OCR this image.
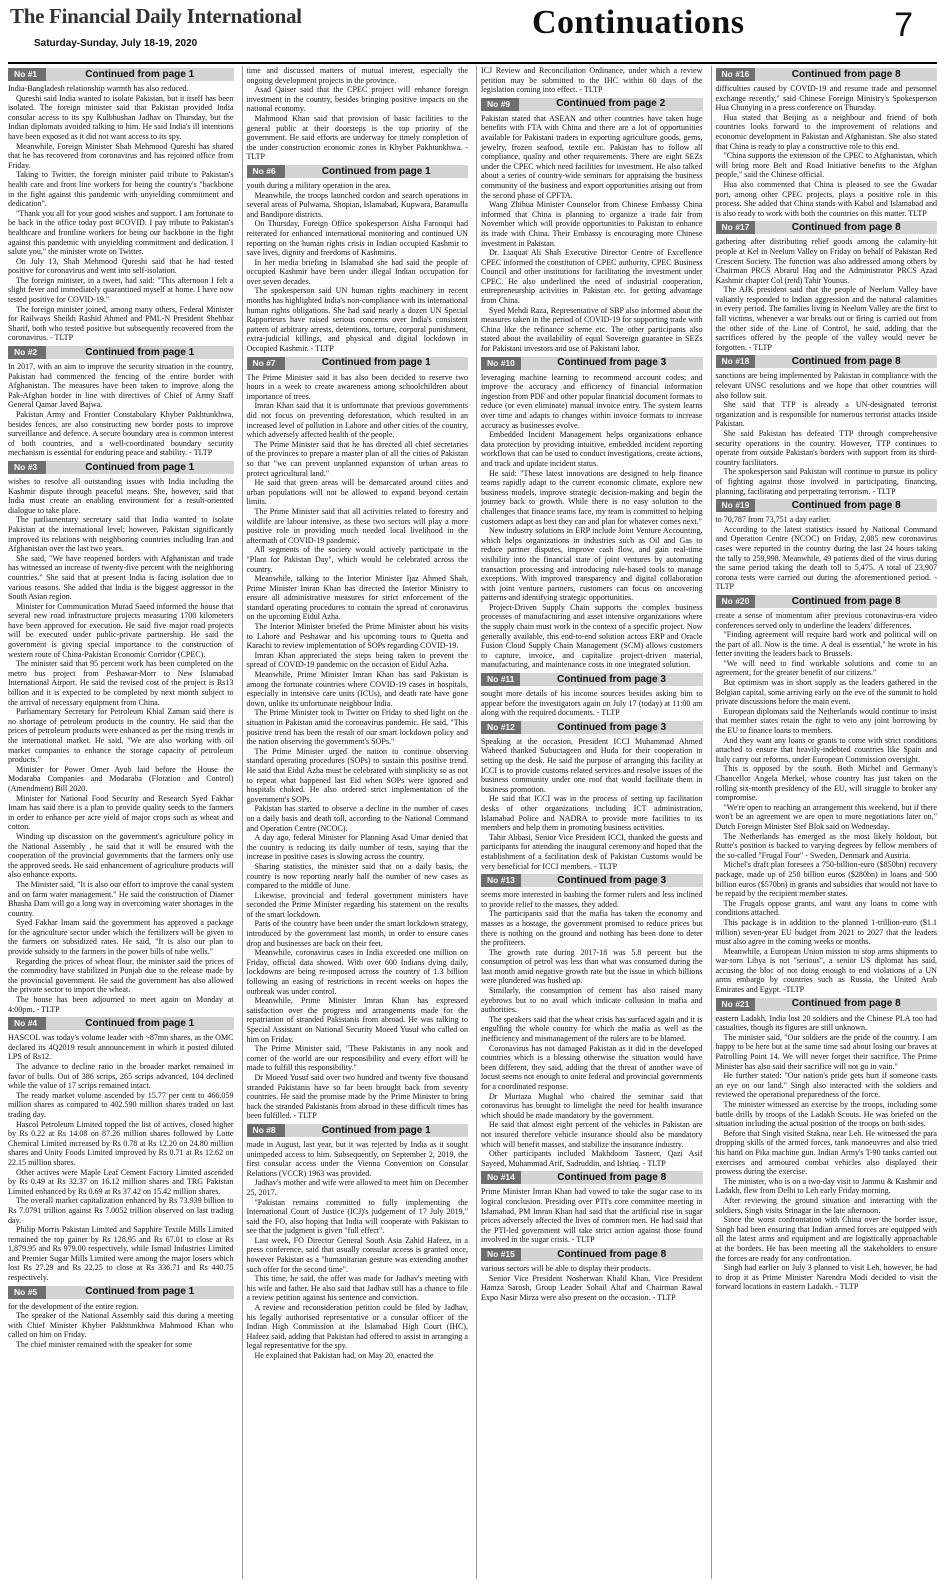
The Financial Daily International
Saturday-Sunday, July 18-19, 2020
Continuations	7
No #1	Continued from page 1

India-Bangladesh relationship warmth has also reduced.

Qureshi said India wanted to isolate Pakistan, but it itself has been isolated. The foreign minister said that Pakistan provided India consular access to its spy Kulbhushan Jadhav on Thursday, but the Indian diplomats avoided talking to him. He said India's ill intentions have been exposed as it did not want access to its spy.

Meanwhile, Foreign Minister Shah Mehmood Qureshi has shared that he has recovered from coronavirus and has rejoined office from Friday.

Taking to Twitter, the foreign minister paid tribute to Pakistan's health care and front line workers for being the country's "backbone in the fight against this pandemic with unyielding commitment and dedication".

"Thank you all for your good wishes and support. I am fortunate to be back in the office today post #COVID. I pay tribute to Pakistan's healthcare and frontline workers for being our backbone in the fight against this pandemic with unyielding commitment and dedication. I salute you," the minister wrote on Twitter.

On July 13, Shah Mehmood Qureshi said that he had tested positive for coronavirus and went into self-isolation.

The foreign minister, in a tweet, had said: "This afternoon I felt a slight fever and immediately quarantined myself at home. I have now tested positive for COVID-19."

The foreign minister joined, among many others, Federal Minister for Railways Sheikh Rashid Ahmed and PML-N President Shehbaz Sharif, both who tested positive but subsequently recovered from the coronavirus. - TLTP

No #2	Continued from page 1

In 2017, with an aim to improve the security situation in the country, Pakistan had commenced the fencing of the entire border with Afghanistan. The measures have been taken to improve along the Pak-Afghan border in line with directives of Chief of Army Staff General Qamar Javed Bajwa.

Pakistan Army and Frontier Constabulary Khyber Pakhtunkhwa, besides fences, are also constructing new border posts to improve surveillance and defence. A secure boundary area is common interest of both countries, and a well-coordinated boundary security mechanism is essential for enduring peace and stability. - TLTP

No #3	Continued from page 1

wishes to resolve all outstanding issues with India including the Kashmir dispute through peaceful means. She, however, said that India must create an enabling environment for a result-oriented dialogue to take place.

The parliamentary secretary said that India wanted to isolate Pakistan at the international level; however, Pakistan significantly improved its relations with neighboring countries including Iran and Afghanistan over the last two years.

She said, "We have reopened borders with Afghanistan and trade has witnessed an increase of twenty-five percent with the neighboring countries." She said that at present India is facing isolation due to various reasons. She added that India is the biggest aggressor in the South Asian region.

Minister for Communication Murad Saeed informed the house that several new road infrastructure projects measuring 1700 kilometers have been approved for execution. He said five major road projects will be executed under public-private partnership. He said the government is giving special importance to the construction of western route of China-Pakistan Economic Corridor (CPEC).

The minister said that 95 percent work has been completed on the metro bus project from Peshawar-Morr to New Islamabad International Airport. He said the revised cost of the project is Rs13 billion and it is expected to be completed by next month subject to the arrival of necessary equipment from China.

Parliamentary Secretary for Petroleum Khial Zaman said there is no shortage of petroleum products in the country. He said that the prices of petroleum products were enhanced as per the rising trends in the international market. He said, "We are also working with oil market companies to enhance the storage capacity of petroleum products."

Minister for Power Omer Ayub laid before the House the Modaraba Companies and Modaraba (Flotation and Control) (Amendment) Bill 2020.

Minister for National Food Security and Research Syed Fakhar Imam has said there is a plan to provide quality seeds to the farmers in order to enhance per acre yield of major crops such as wheat and cotton.

Winding up discussion on the government's agriculture policy in the National Assembly , he said that it will be ensured with the cooperation of the provincial governments that the farmers only use the approved seeds. He said enhancement of agriculture products will also enhance exports.

The Minister said, "It is also our effort to improve the canal system and on farm water management." He said the construction of Diamer Bhasha Dam will go a long way in overcoming water shortages in the country.

Syed Fakhar Imam said the government has approved a package for the agriculture sector under which the fertilizers will be given to the farmers on subsidized rates. He said, "It is also our plan to provide subsidy to the farmers in the power bills of tube wells."

Regarding the prices of wheat flour, the minister said the prices of the commodity have stabilized in Punjab due to the release made by the provincial government. He said the government has also allowed the private sector to import the wheat.

The house has been adjourned to meet again on Monday at 4:00pm. - TLTP

No #4	Continued from page 1

HASCOL was today's volume leader with ~87mn shares, as the OMC declared its 4Q2019 result announcement in which it posted diluted LPS of Rs12.

The advance to decline ratio in the broader market remained in favor of bulls. Out of 386 scrips, 265 scrips advanced, 104 declined while the value of 17 scrips remained intact.

The ready market volume ascended by 15.77 per cent to 466.059 million shares as compared to 402.590 million shares traded on last trading day.

Hascol Petroleum Limited topped the list of actives, closed higher by Rs 0.22 at Rs 14.08 on 87.26 million shares followed by Lotte Chemical Limited increased by Rs 0.78 at Rs 12.20 on 24.80 million shares and Unity Foods Limited improved by Rs 0.71 at Rs 12.62 on 22.15 million shares.

Other actives were Maple Leaf Cement Factory Limited ascended by Rs 0.49 at Rs 32.37 on 16.12 million shares and TRG Pakistan Limited enhanced by Rs 0.69 at Rs 37.42 on 15.42 million shares.

The overall market capitalization enhanced by Rs 73.939 billion to Rs 7.0791 trillion against Rs 7.0052 trillion observed on last trading day.

Philip Morris Pakistan Limited and Sapphire Textile Mills Limited remained the top gainer by Rs 128.95 and Rs 67.01 to close at Rs 1,879.95 and Rs 979.00 respectively, while Ismail Industries Limited and Premier Sugar Mills Limited were among the major losers which lost Rs 27.29 and Rs 22.25 to close at Rs 336.71 and Rs 440.75 respectively.

No #5	Continued from page 1

for the development of the entire region.

The speaker of the National Assembly said this during a meeting with Chief Minister Khyber Pakhtunkhwa Mahmood Khan who called on him on Friday.

The chief minister remained with the speaker for some

time and discussed matters of mutual interest, especially the ongoing development projects in the province.

Asad Qaiser said that the CPEC project will enhance foreign investment in the country, besides bringing positive impacts on the national economy.

Mahmood Khan said that provision of basic facilities to the general public at their doorsteps is the top priority of the government. He said efforts are underway for timely completion of the under construction economic zones in Khyber Pakhtunkhwa. - TLTP

No #6	Continued from page 1

youth during a military operation in the area.

Meanwhile, the troops launched cordon and search operations in several areas of Pulwama, Shopian, Islamabad, Kupwara, Baramulla and Bandipore districts.

On Thursday, Foreign Office spokesperson Aisha Farooqui had reiterated for enhanced international monitoring and continued UN reporting on the human rights crisis in Indian occupied Kashmir to save lives, dignity and freedoms of Kashmiris.

In her media briefing in Islamabad she had said the people of occupied Kashmir have been under illegal Indian occupation for over seven decades.

The spokesperson said UN human rights machinery in recent months has highlighted India's non-compliance with its international human rights obligations. She had said nearly a dozen UN Special Rapporteurs have raised serious concerns over India's consistent pattern of arbitrary arrests, detentions, torture, corporal punishment, extra-judicial killings, and physical and digital lockdown in Occupied Kashmir. - TLTP

No #7	Continued from page 1

The Prime Minister said it has also been decided to reserve two hours in a week to create awareness among schoolchildren about importance of trees.

Imran Khan said that it is unfortunate that previous governments did not focus on preventing deforestation, which resulted in an increased level of pollution in Lahore and other cities of the country, which adversely affected health of the people.

The Prime Minister said that he has directed all chief secretaries of the provinces to prepare a master plan of all the cities of Pakistan so that "we can prevent unplanned expansion of urban areas to protect agricultural land."

He said that green areas will be demarcated around cities and urban populations will not be allowed to expand beyond certain limits.

The Prime Minister said that all activities related to forestry and wildlife are labour intensive, as these two sectors will play a more positive role in providing much needed local livelihood in the aftermath of COVID-19 pandemic.

All segments of the society would actively participate in the "Plant for Pakistan Day", which would be celebrated across the country.

Meanwhile, talking to the Interior Minister Ijaz Ahmed Shah, Prime Minister Imran Khan has directed the Interior Ministry to ensure all administrative measures for strict enforcement of the standard operating procedures to contain the spread of coronavirus on the upcoming Eidul Azha.

The Interior Minister briefed the Prime Minister about his visits to Lahore and Peshawar and his upcoming tours to Quetta and Karachi to review implementation of SOPs regarding COVID-19.

Imran Khan appreciated the steps being taken to prevent the spread of COVID-19 pandemic on the occasion of Eidul Azha.

Meanwhile, Prime Minister Imran Khan has said Pakistan is among the fortunate countries where COVID-19 cases in hospitals, especially in intensive care units (ICUs), and death rate have gone down, unlike its unfortunate neighbour India.

The Prime Minister took to Twitter on Friday to shed light on the situation in Pakistan amid the coronavirus pandemic. He said, "This positive trend has been the result of our smart lockdown policy and the nation observing the government's SOPs."

The Prime Minister urged the nation to continue observing standard operating procedures (SOPs) to sustain this positive trend. He said that Eidul Azha must be celebrated with simplicity so as not to repeat what happened last Eid when SOPs were ignored and hospitals choked. He also ordered strict implementation of the government's SOPs.

Pakistan has started to observe a decline in the number of cases on a daily basis and death toll, according to the National Command and Operation Centre (NCOC).

A day ago, federal Minister for Planning Asad Umar denied that the country is reducing its daily number of tests, saying that the increase in positive cases is slowing across the country.

Sharing statistics, the minister said that on a daily basis, the country is now reporting nearly half the number of new cases as compared to the middle of June.

Likewise, provincial and federal government ministers have seconded the Prime Minister regarding his statement on the results of the smart lockdown.

Parts of the country have been under the smart lockdown strategy, introduced by the government last month, in order to ensure cases drop and businesses are back on their feet.

Meanwhile, coronavirus cases in India exceeded one million on Friday, official data showed. With over 600 Indians dying daily, lockdowns are being re-imposed across the country of 1.3 billion following an easing of restrictions in recent weeks on hopes the outbreak was under control.

Meanwhile, Prime Minister Imran Khan has expressed satisfaction over the progress and arrangements made for the repatriation of stranded Pakistanis from abroad. He was talking to Special Assistant on National Security Moeed Yusuf who called on him on Friday.

The Prime Minister said, "These Pakistanis in any nook and corner of the world are our responsibility and every effort will be made to fulfill this responsibility."

Dr Moeed Yusuf said over two hundred and twenty five thousand stranded Pakistanis have so far been brought back from seventy countries. He said the promise made by the Prime Minister to bring back the stranded Pakistanis from abroad in these difficult times has been fulfilled. - TLTP

No #8	Continued from page 1

made in August, last year, but it was rejected by India as it sought unimpeded access to him. Subsequently, on September 2, 2019, the first consular access under the Vienna Convention on Consular Relations (VCCR) 1963 was provided.

Jadhav's mother and wife were allowed to meet him on December 25, 2017.

"Pakistan remains committed to fully implementing the International Court of Justice (ICJ)'s judgement of 17 July 2019," said the FO, also hoping that India will cooperate with Pakistan to see that the judgment is given "full effect".

Last week, FO Director General South Asia Zahid Hafeez, in a press conference, said that usually consular access is granted once, however Pakistan as a "humanitarian gesture was extending another such offer for the second time".

This time, he said, the offer was made for Jadhav's meeting with his wife and father. He also said that Jadhav still has a chance to file a review petition against his sentence and conviction.

A review and reconsideration petition could be filed by Jadhav, his legally authorised representative or a consular officer of the Indian High Commission at the Islamabad High Court (IHC), Hafeez said, adding that Pakistan had offered to assist in arranging a legal representative for the spy.

He explained that Pakistan had, on May 20, enacted the

ICJ Review and Reconciliation Ordinance, under which a review petition may be submitted to the IHC within 60 days of the legislation coming into effect. - TLTP

No #9	Continued from page 2

Pakistan stated that ASEAN and other countries have taken huge benefits with FTA with China and there are a lot of opportunities available for Pakistani traders in exporting agriculture goods, gems, jewelry, frozen seafood, textile etc. Pakistan has to follow all compliance, quality and other requirements. There are eight SEZs under the CPEC which need facilities for investment. He also talked about a series of country-wide seminars for appraising the business community of the business and export opportunities arising out from the second phase of CPFTA.

Wang Zhihua Minister Counselor from Chinese Embassy China informed that China is planning to organize a trade fair from November which will provide opportunities to Pakistan to enhance its trade with China. Their Embassy is encouraging more Chinese investment in Pakistan.

Dr. Liaquat Ali Shah Executive Director Centre of Excellence CPEC informed the constitution of CPEC authority, CPEC Business Council and other institutions for facilitating the investment under CPEC. He also underlined the need of industrial cooperation, entrepreneurship activities in Pakistan etc. for getting advantage from China.

Syed Mehdi Raza, Representative of SBP also informed about the measures taken in the period of COVID-19 for supporting trade with China like the refinance scheme etc. The other participants also stated about the availability of equal Sovereign guarantee in SEZs for Pakistani investors and use of Pakistani labor.

No #10	Continued from page 3

leveraging machine learning to recommend account codes; and improve the accuracy and efficiency of financial information ingestion from PDF and other popular financial document formats to reduce (or even eliminate) manual invoice entry. The system learns over time and adapts to changes within invoice formats to increase accuracy as businesses evolve.

Embedded Incident Management helps organizations enhance data protection by providing intuitive, embedded incident reporting workflows that can be used to conduct investigations, create actions, and track and update incident status.

He said: "These latest innovations are designed to help finance teams rapidly adapt to the current economic climate, explore new business models, improve strategic decision-making and begin the journey back to growth. While there is no easy solution to the challenges that finance teams face, my team is committed to helping customers adapt as best they can and plan for whatever comes next."

New industry solutions in ERP include Joint Venture Accounting, which helps organizations in industries such as Oil and Gas to reduce partner disputes, improve cash flow, and gain real-time visibility into the financial state of joint ventures by automating transaction processing and introducing rule-based tools to manage exceptions. With improved transparency and digital collaboration with joint venture partners, customers can focus on uncovering patterns and identifying strategic opportunities.

Project-Driven Supply Chain supports the complex business processes of manufacturing and asset intensive organizations where the supply chain must work in the context of a specific project. Now generally available, this end-to-end solution across ERP and Oracle Fusion Cloud Supply Chain Management (SCM) allows customers to capture, invoice, and capitalize project-driven material, manufacturing, and maintenance costs in one integrated solution.

No #11	Continued from page 3

sought more details of his income sources besides asking him to appear before the investigators again on July 17 (today) at 11:00 am along with the required documents. - TLTP

No #12	Continued from page 3

Speaking at the occasion, President ICCI Muhammad Ahmed Waheed thanked Subuctageen and Huda for their cooperation in setting up the desk. He said the purpose of arranging this facility at ICCI is to provide customs related services and resolve issues of the business community under one roof that would facilitate them in business promotion.

He said that ICCI was in the process of setting up facilitation desks of other organizations including ICT administration, Islamabad Police and NADRA to provide more facilities to its members and help them in promoting business activities.

Tahir Abbasi, Senior Vice President ICCI, thanked the guests and participants for attending the inaugural ceremony and hoped that the establishment of a facilitation desk of Pakistan Customs would be very beneficial for ICCI members. - TLTP

No #13	Continued from page 3

seems more interested in bashing the former rulers and less inclined to provide relief to the masses, they added.

The participants said that the mafia has taken the economy and masses as a hostage, the government promised to reduce prices but there is nothing on the ground and nothing has been done to deter the profiteers.

The growth rate during 2017-18 was 5.8 percent but the consumption of petrol was less than what was consumed during the last month amid negative growth rate but the issue in which billions were plundered was hushed up.

Similarly, the consumption of cement has also raised many eyebrows but to no avail which indicate collusion in mafia and authorities.

The speakers said that the wheat crisis has surfaced again and it is engulfing the whole country for which the mafia as well as the inefficiency and mismanagement of the rulers are to be blamed.

Coronavirus has not damaged Pakistan as it did in the developed countries which is a blessing otherwise the situation would have been different, they said, adding that the threat of another wave of locust seems not enough to unite federal and provincial governments for a coordinated response.

Dr Murtaza Mughal who chaired the seminar said that coronavirus has brought to limelight the need for health insurance which should be made mandatory by the government.

He said that almost eight percent of the vehicles in Pakistan are not insured therefore vehicle insurance should also be mandatory which will benefit masses, and stabilize the insurance industry.

Other participants included Makhdoom Tasneer, Qazi Asif Sayeed, Muhammad Arif, Sadruddin, and Ishtiaq. - TLTP

No #14	Continued from page 8

Prime Minister Imran Khan had vowed to take the sugar case to its logical conclusion. Presiding over PTI's core committee meeting in Islamabad, PM Imran Khan had said that the artificial rise in sugar prices adversely affected the lives of common men. He had said that the PTI-led government will take strict action against those found involved in the sugar crisis. - TLTP

No #15	Continued from page 8

various sectors will be able to display their products.

Senior Vice President Nosherwan Khalil Khan, Vice President Hamza Sarosh, Group Leader Sohail Altaf and Chairman Rawal Expo Nasir Mirza were also present on the occasion. - TLTP

No #16	Continued from page 8

difficulties caused by COVID-19 and resume trade and personnel exchange recently," said Chinese Foreign Ministry's Spokesperson Hua Chunying in a press conference on Thursday.

Hua stated that Beijing as a neighbour and friend of both countries looks forward to the improvement of relations and economic development in Pakistan and Afghanistan. She also stated that China is ready to play a constructive role to this end.

"China supports the extension of the CPEC to Afghanistan, which will bring more Belt and Road Initiative benefits to the Afghan people," said the Chinese official.

Hua also commented that China is pleased to see the Gwadar port, among other CPEC projects, plays a positive role in this process. She added that China stands with Kabul and Islamabad and is also ready to work with both the countries on this matter. TLTP

No #17	Continued from page 8

gathering after distributing relief goods among the calamity-hit people at Kel in Neelum Valley on Friday on behalf of Pakistan Red Crescent Society. The function was also addressed among others by Chairman PRCS Abrarul Haq and the Administrator PRCS Azad Kashmir chapter Col (retd) Tahir Younus.

The AJK president said that the people of Neelum Valley have valiantly responded to Indian aggression and the natural calamities in every period. The families living in Neelum Valley are the first to fall victims, whenever a war breaks out or firing is carried out from the other side of the Line of Control, he said, adding that the sacrifices offered by the people of the valley would never be forgotten. - TLTP

No #18	Continued from page 8

sanctions are being implemented by Pakistan in compliance with the relevant UNSC resolutions and we hope that other countries will also follow suit.

She said that TTP is already a UN-designated terrorist organization and is responsible for numerous terrorist attacks inside Pakistan.

She said Pakistan has defeated TTP through comprehensive security operations in the country. However, TTP continues to operate from outside Pakistan's borders with support from its third-country facilitators.

The spokesperson said Pakistan will continue to pursue its policy of fighting against those involved in participating, financing, planning, facilitating and perpetrating terrorism. - TLTP

No #19	Continued from page 8

to 70,787 from 73,751 a day earlier.

According to the latest statistics issued by National Command and Operation Centre (NCOC) on Friday, 2,085 new coronavirus cases were reported in the country during the last 24 hours taking the tally to 259,998. Meanwhile, 49 patients died of the virus during the same period taking the death toll to 5,475. A total of 23,907 corona tests were carried out during the aforementioned period. - TLTP

No #20	Continued from page 8

create a sense of momentum after previous coronavirus-era video conferences served only to underline the leaders' differences.

"Finding agreement will require hard work and political will on the part of all. Now is the time. A deal is essential," he wrote in his letter inviting the leaders back to Brussels.

"We will need to find workable solutions and come to an agreement, for the greater benefit of our citizens."

But optimism was in short supply as the leaders gathered in the Belgian capital, some arriving early on the eve of the summit to hold private discussions before the main event.

European diplomats said the Netherlands would continue to insist that member states retain the right to veto any joint borrowing by the EU to finance loans to members.

And they want any loans or grants to come with strict conditions attached to ensure that heavily-indebted countries like Spain and Italy carry out reforms, under European Commission oversight.

This is opposed by the south. Both Michel and Germany's Chancellor Angela Merkel, whose country has just taken on the rolling six-month presidency of the EU, will struggle to broker any compromise.

"We're open to reaching an arrangement this weekend, but if there won't be an agreement we are open to more negotiations later on," Dutch Foreign Minister Stef Blok said on Wednesday.

The Netherlands has emerged as the most likely holdout, but Rutte's position is backed to varying degrees by fellow members of the so-called "Frugal Four" - Sweden, Denmark and Austria.

Michel's draft plan foresees a 750-billion-euro ($850bn) recovery package, made up of 250 billion euros ($280bn) in loans and 500 billion euros ($570bn) in grants and subsidies that would not have to be repaid by the recipient member states.

The Frugals oppose grants, and want any loans to come with conditions attached.

This package is in addition to the planned 1-trillion-euro ($1.1 trillion) seven-year EU budget from 2021 to 2027 that the leaders must also agree in the coming weeks or months.

Meanwhile, a European Union mission to stop arms shipments to war-torn Libya is not "serious", a senior US diplomat has said, accusing the bloc of not doing enough to end violations of a UN arms embargo by countries such as Russia, the United Arab Emirates and Egypt. -TLTP

No #21	Continued from page 8

eastern Ladakh, India lost 20 soldiers and the Chinese PLA too had casualties, though its figures are still unknown.

The minister said, "Our soldiers are the pride of the country. I am happy to be here but at the same time sad about losing our braves at Patrolling Point 14. We will never forget their sacrifice. The Prime Minister has also said their sacrifice will not go in vain."

He further stated: "Our nation's pride gets hurt if someone casts an eye on our land." Singh also interacted with the soldiers and reviewed the operational preparedness of the force.

The minister witnessed an exercise by the troops, including some battle drills by troops of the Ladakh Scouts. He was briefed on the situation including the actual position of the troops on both sides.

Before that Singh visited Stakna, near Leh. He witnessed the para dropping skills of the armed forces, tank manoeuvres and also tried his hand on Pika machine gun. Indian Army's T-90 tanks carried out exercises and armoured combat vehicles also displayed their prowess during the exercise.

The minister, who is on a two-day visit to Jammu & Kashmir and Ladakh, flew from Delhi to Leh early Friday morning.

After reviewing the ground situation and interacting with the soldiers, Singh visits Srinagar in the late afternoon.

Since the worst confrontation with China over the border issue, Singh had been ensuring that Indian armed forces are equipped with all the latest arms and equipment and are logistically approachable at the borders. He has been meeting all the stakeholders to ensure the forces are ready for any confrontation.

Singh had earlier on July 3 planned to visit Leh, however, he had to drop it as Prime Minister Narendra Modi decided to visit the forward locations in eastern Ladakh. - TLTP
